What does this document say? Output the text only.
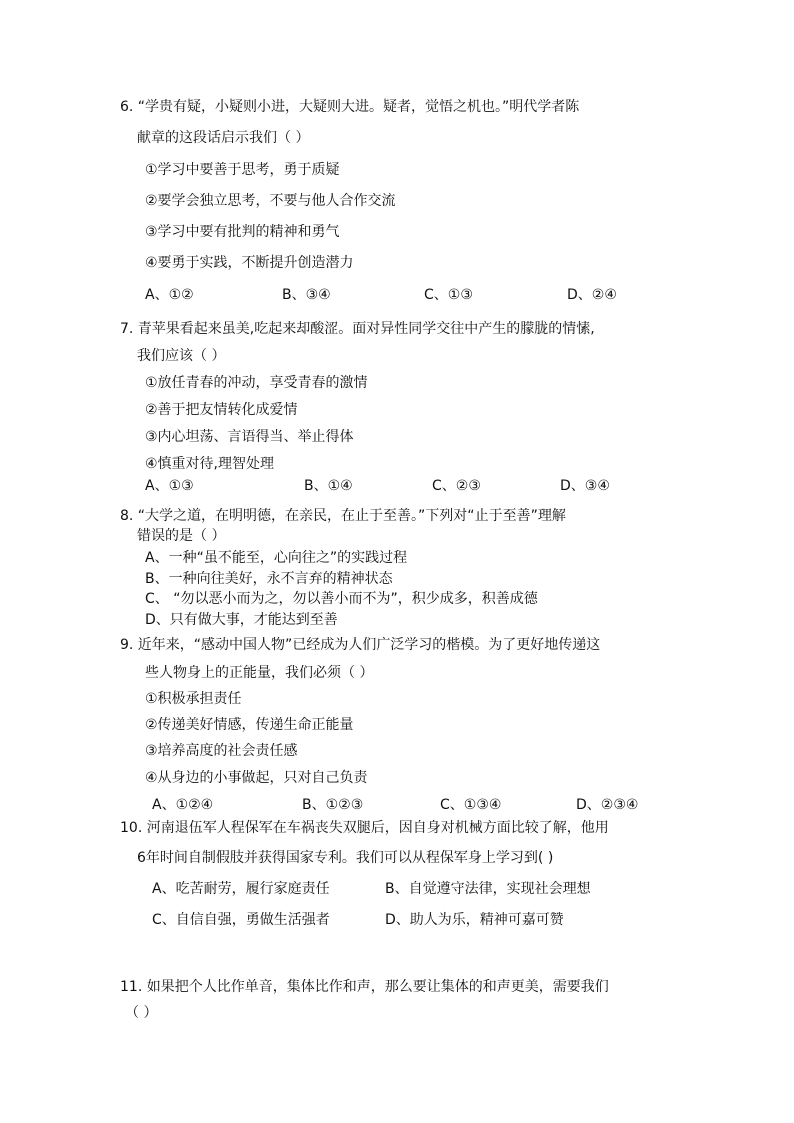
6. “学贵有疑，小疑则小进，大疑则大进。疑者，觉悟之机也。”明代学者陈
献章的这段话启示我们（ ）
①学习中要善于思考，勇于质疑
②要学会独立思考，不要与他人合作交流
③学习中要有批判的精神和勇气
④要勇于实践，不断提升创造潜力
A、①②	B、③④	C、①③	D、②④
7. 青苹果看起来虽美,吃起来却酸涩。面对异性同学交往中产生的朦胧的情愫,
我们应该（ ）
①放任青春的冲动，享受青春的激情
②善于把友情转化成爱情
③内心坦荡、言语得当、举止得体
④慎重对待,理智处理
A、①③	B、①④	C、②③	D、③④
8. “大学之道，在明明德，在亲民，在止于至善。”下列对“止于至善”理解
错误的是（ ）
A、一种“虽不能至，心向往之”的实践过程
B、一种向往美好，永不言弃的精神状态
C、 “勿以恶小而为之，勿以善小而不为”，积少成多，积善成德
D、只有做大事，才能达到至善
9. 近年来，“感动中国人物”已经成为人们广泛学习的楷模。为了更好地传递这
些人物身上的正能量，我们必须（ ）
①积极承担责任
②传递美好情感，传递生命正能量
③培养高度的社会责任感
④从身边的小事做起，只对自己负责
A、①②④	B、①②③	C、①③④	D、②③④
10. 河南退伍军人程保军在车祸丧失双腿后，因自身对机械方面比较了解，他用
6年时间自制假肢并获得国家专利。我们可以从程保军身上学习到( )
A、吃苦耐劳，履行家庭责任	B、自觉遵守法律，实现社会理想
C、自信自强，勇做生活强者	D、助人为乐，精神可嘉可赞
11. 如果把个人比作单音，集体比作和声，那么要让集体的和声更美，需要我们
（ ）
